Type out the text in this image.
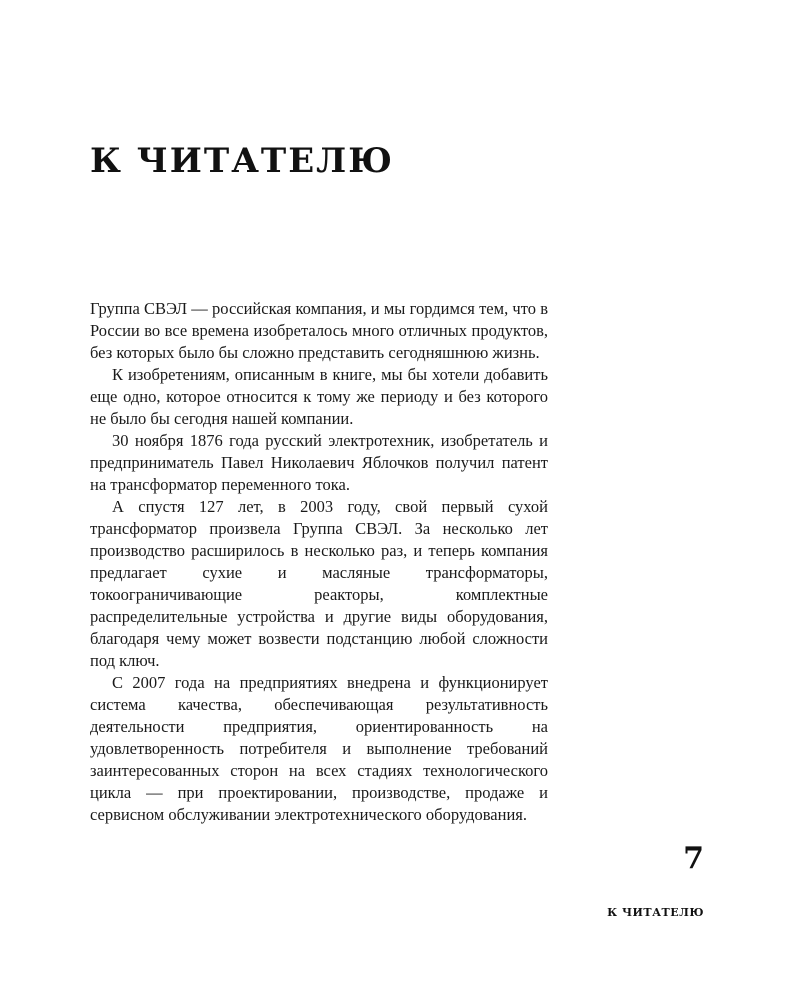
К ЧИТАТЕЛЮ

Группа СВЭЛ — российская компания, и мы гордимся тем, что в России во все времена изобреталось много отличных продуктов, без которых было бы сложно представить сегодняшнюю жизнь.

К изобретениям, описанным в книге, мы бы хотели добавить еще одно, которое относится к тому же периоду и без которого не было бы сегодня нашей компании.

30 ноября 1876 года русский электротехник, изобретатель и предприниматель Павел Николаевич Яблочков получил патент на трансформатор переменного тока.

А спустя 127 лет, в 2003 году, свой первый сухой трансформатор произвела Группа СВЭЛ. За несколько лет производство расширилось в несколько раз, и теперь компания предлагает сухие и масляные трансформаторы, токоограничивающие реакторы, комплектные распределительные устройства и другие виды оборудования, благодаря чему может возвести подстанцию любой сложности под ключ.

С 2007 года на предприятиях внедрена и функционирует система качества, обеспечивающая результативность деятельности предприятия, ориентированность на удовлетворенность потребителя и выполнение требований заинтересованных сторон на всех стадиях технологического цикла — при проектировании, производстве, продаже и сервисном обслуживании электротехнического оборудования.

7
К ЧИТАТЕЛЮ
